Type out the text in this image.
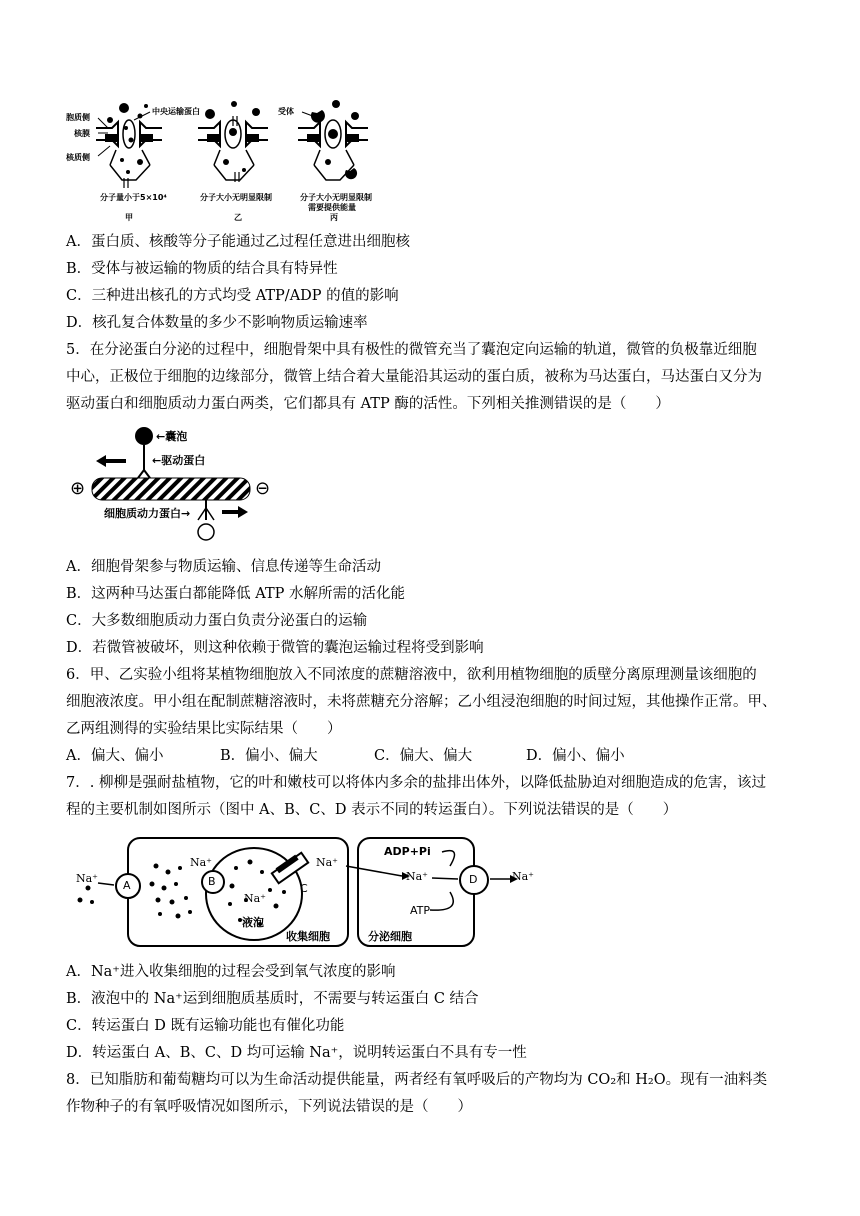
胞质侧
核膜
核质侧
中央运输蛋白	受体
分子量小于5×10⁴	分子大小无明显限制	分子大小无明显限制
需要提供能量
甲	乙	丙
A．蛋白质、核酸等分子能通过乙过程任意进出细胞核
B．受体与被运输的物质的结合具有特异性
C．三种进出核孔的方式均受 ATP/ADP 的值的影响
D．核孔复合体数量的多少不影响物质运输速率
5．在分泌蛋白分泌的过程中，细胞骨架中具有极性的微管充当了囊泡定向运输的轨道，微管的负极靠近细胞
中心，正极位于细胞的边缘部分，微管上结合着大量能沿其运动的蛋白质，被称为马达蛋白，马达蛋白又分为
驱动蛋白和细胞质动力蛋白两类，它们都具有 ATP 酶的活性。下列相关推测错误的是（　　）
←囊泡
←驱动蛋白
细胞质动力蛋白→
⊕	⊖
A．细胞骨架参与物质运输、信息传递等生命活动
B．这两种马达蛋白都能降低 ATP 水解所需的活化能
C．大多数细胞质动力蛋白负责分泌蛋白的运输
D．若微管被破坏，则这种依赖于微管的囊泡运输过程将受到影响
6．甲、乙实验小组将某植物细胞放入不同浓度的蔗糖溶液中，欲利用植物细胞的质壁分离原理测量该细胞的
细胞液浓度。甲小组在配制蔗糖溶液时，未将蔗糖充分溶解；乙小组浸泡细胞的时间过短，其他操作正常。甲、
乙两组测得的实验结果比实际结果（　　）
A．偏大、偏小	B．偏小、偏大	C．偏大、偏大	D．偏小、偏小
7．. 柳柳是强耐盐植物，它的叶和嫩枝可以将体内多余的盐排出体外，以降低盐胁迫对细胞造成的危害，该过
程的主要机制如图所示（图中 A、B、C、D 表示不同的转运蛋白）。下列说法错误的是（　　）
Na⁺
Na⁺
Na⁺
Na⁺
Na⁺	Na⁺
ADP+Pi
ATP
液泡
收集细胞	分泌细胞
A	B
C
D
A．Na⁺进入收集细胞的过程会受到氧气浓度的影响
B．液泡中的 Na⁺运到细胞质基质时，不需要与转运蛋白 C 结合
C．转运蛋白 D 既有运输功能也有催化功能
D．转运蛋白 A、B、C、D 均可运输 Na⁺，说明转运蛋白不具有专一性
8．已知脂肪和葡萄糖均可以为生命活动提供能量，两者经有氧呼吸后的产物均为 CO₂和 H₂O。现有一油料类
作物种子的有氧呼吸情况如图所示，下列说法错误的是（　　）
